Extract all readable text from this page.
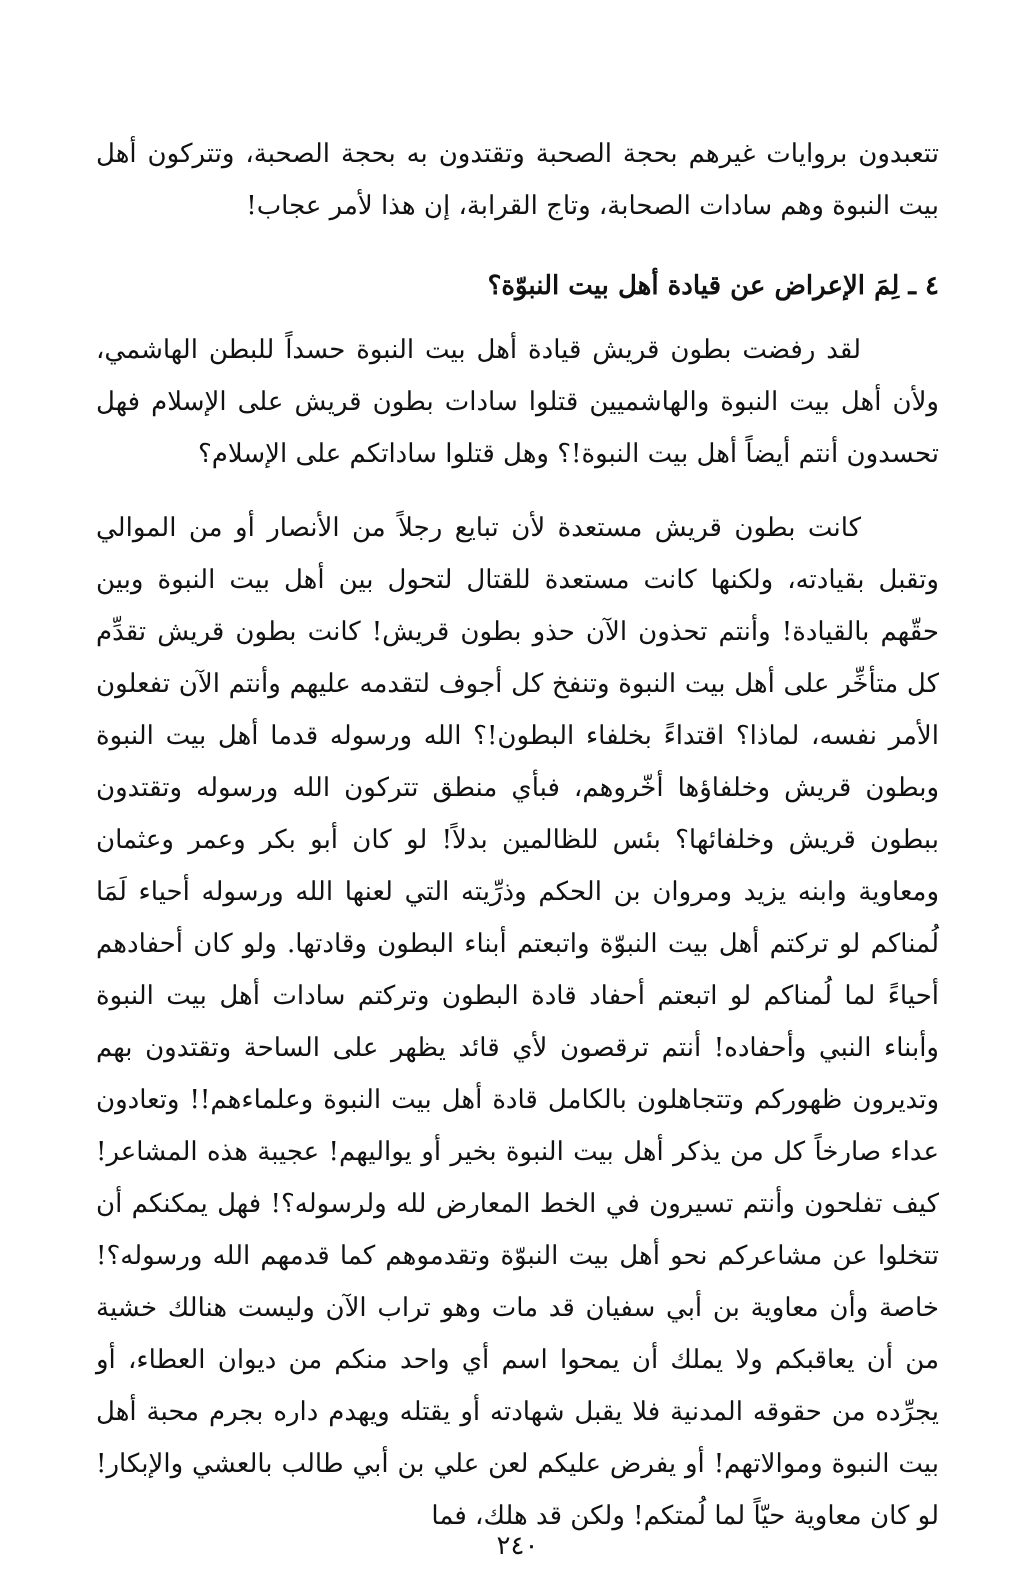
تتعبدون بروايات غيرهم بحجة الصحبة وتقتدون به بحجة الصحبة، وتتركون أهل بيت النبوة وهم سادات الصحابة، وتاج القرابة، إن هذا لأمر عجاب!

٤ ـ لِمَ الإعراض عن قيادة أهل بيت النبوّة؟

لقد رفضت بطون قريش قيادة أهل بيت النبوة حسداً للبطن الهاشمي، ولأن أهل بيت النبوة والهاشميين قتلوا سادات بطون قريش على الإسلام فهل تحسدون أنتم أيضاً أهل بيت النبوة!؟ وهل قتلوا ساداتكم على الإسلام؟

كانت بطون قريش مستعدة لأن تبايع رجلاً من الأنصار أو من الموالي وتقبل بقيادته، ولكنها كانت مستعدة للقتال لتحول بين أهل بيت النبوة وبين حقّهم بالقيادة! وأنتم تحذون الآن حذو بطون قريش! كانت بطون قريش تقدِّم كل متأخِّر على أهل بيت النبوة وتنفخ كل أجوف لتقدمه عليهم وأنتم الآن تفعلون الأمر نفسه، لماذا؟ اقتداءً بخلفاء البطون!؟ الله ورسوله قدما أهل بيت النبوة وبطون قريش وخلفاؤها أخّروهم، فبأي منطق تتركون الله ورسوله وتقتدون ببطون قريش وخلفائها؟ بئس للظالمين بدلاً! لو كان أبو بكر وعمر وعثمان ومعاوية وابنه يزيد ومروان بن الحكم وذرِّيته التي لعنها الله ورسوله أحياء لَمَا لُمناكم لو تركتم أهل بيت النبوّة واتبعتم أبناء البطون وقادتها. ولو كان أحفادهم أحياءً لما لُمناكم لو اتبعتم أحفاد قادة البطون وتركتم سادات أهل بيت النبوة وأبناء النبي وأحفاده! أنتم ترقصون لأي قائد يظهر على الساحة وتقتدون بهم وتديرون ظهوركم وتتجاهلون بالكامل قادة أهل بيت النبوة وعلماءهم!! وتعادون عداء صارخاً كل من يذكر أهل بيت النبوة بخير أو يواليهم! عجيبة هذه المشاعر! كيف تفلحون وأنتم تسيرون في الخط المعارض لله ولرسوله؟! فهل يمكنكم أن تتخلوا عن مشاعركم نحو أهل بيت النبوّة وتقدموهم كما قدمهم الله ورسوله؟! خاصة وأن معاوية بن أبي سفيان قد مات وهو تراب الآن وليست هنالك خشية من أن يعاقبكم ولا يملك أن يمحوا اسم أي واحد منكم من ديوان العطاء، أو يجرِّده من حقوقه المدنية فلا يقبل شهادته أو يقتله ويهدم داره بجرم محبة أهل بيت النبوة وموالاتهم! أو يفرض عليكم لعن علي بن أبي طالب بالعشي والإبكار! لو كان معاوية حيّاً لما لُمتكم! ولكن قد هلك، فما

٢٤٠
